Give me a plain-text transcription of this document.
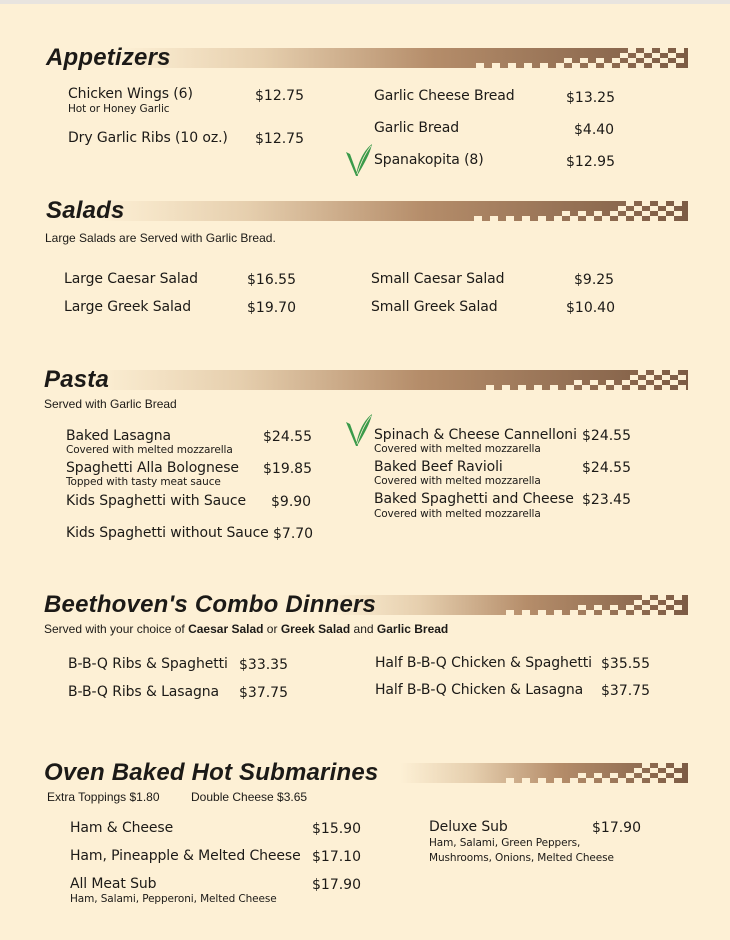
Appetizers
Chicken Wings (6)
Hot or Honey Garlic
$12.75
Dry Garlic Ribs (10 oz.) $12.75
Garlic Cheese Bread	$13.25
Garlic Bread	$4.40
Spanakopita (8)	$12.95
Salads
Large Salads are Served with Garlic Bread.
Large Caesar Salad	$16.55
Large Greek Salad	$19.70
Small Caesar Salad	$9.25
Small Greek Salad	$10.40
Pasta
Served with Garlic Bread
Baked Lasagna
Covered with melted mozzarella
$24.55
Spaghetti Alla Bolognese
Topped with tasty meat sauce
$19.85
Kids Spaghetti with Sauce $9.90
Kids Spaghetti without Sauce $7.70
Spinach & Cheese Cannelloni
Covered with melted mozzarella
$24.55
Baked Beef Ravioli
Covered with melted mozzarella
$24.55
Baked Spaghetti and Cheese
Covered with melted mozzarella
$23.45
Beethoven's Combo Dinners
Served with your choice of Caesar Salad or Greek Salad and Garlic Bread
B-B-Q Ribs & Spaghetti $33.35
B-B-Q Ribs & Lasagna $37.75
Half B-B-Q Chicken & Spaghetti $35.55
Half B-B-Q Chicken & Lasagna $37.75
Oven Baked Hot Submarines
Extra Toppings $1.80	Double Cheese $3.65
Ham & Cheese	$15.90
Ham, Pineapple & Melted Cheese $17.10
All Meat Sub
Ham, Salami, Pepperoni, Melted Cheese
$17.90
Deluxe Sub
Ham, Salami, Green Peppers,
Mushrooms, Onions, Melted Cheese
$17.90
